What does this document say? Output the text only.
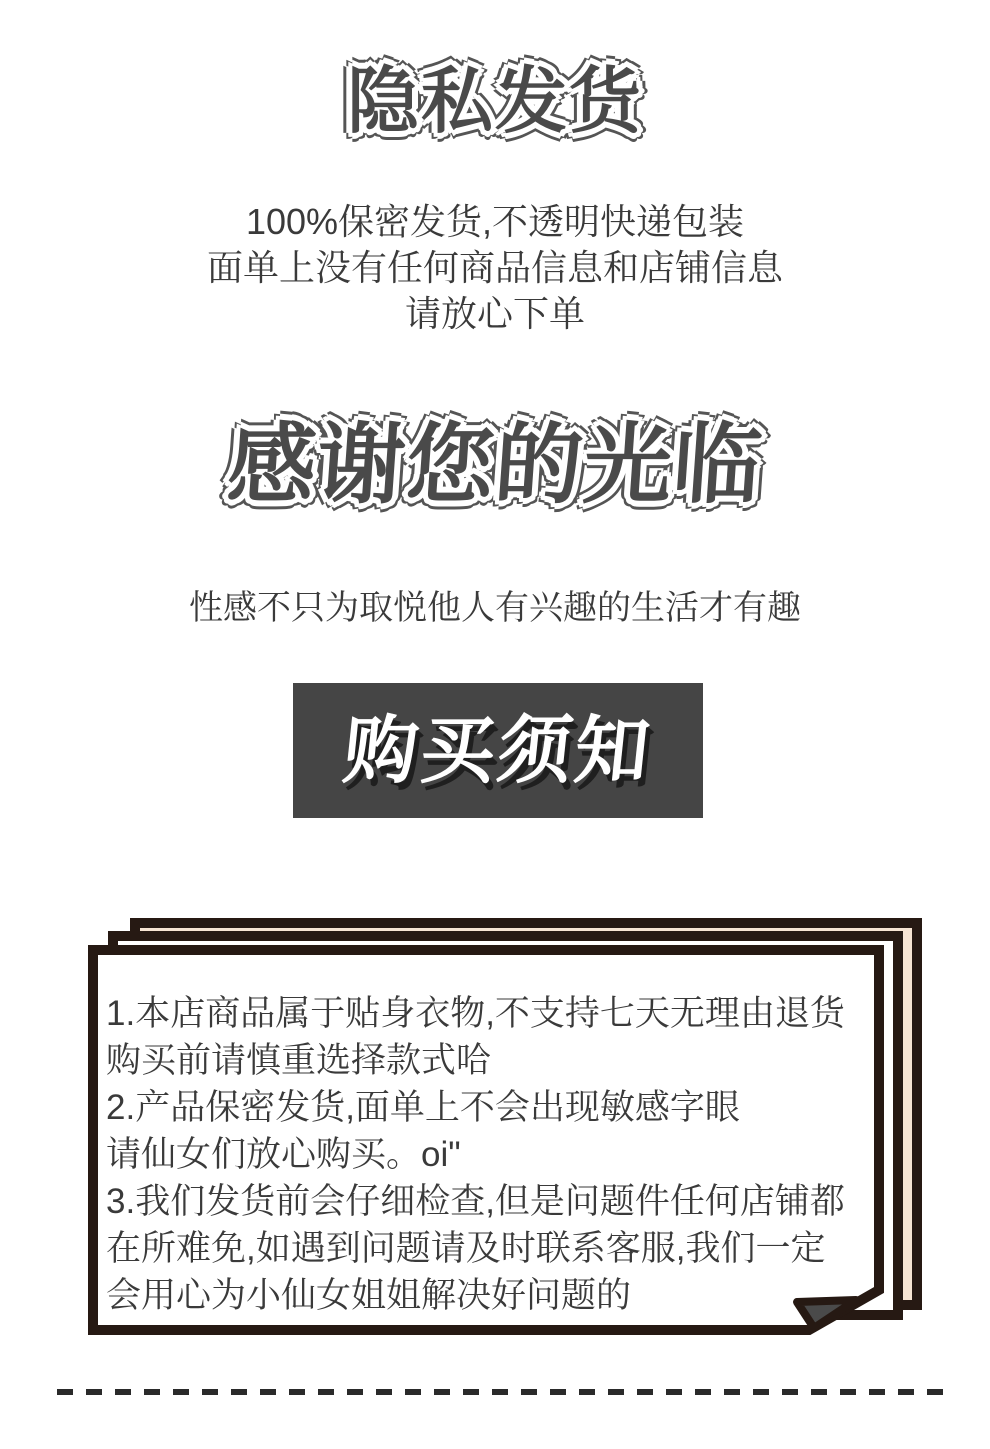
隐私发货
100%保密发货,不透明快递包装
面单上没有任何商品信息和店铺信息
请放心下单
感谢您的光临
性感不只为取悦他人有兴趣的生活才有趣
购买须知
1.本店商品属于贴身衣物,不支持七天无理由退货
购买前请慎重选择款式哈
2.产品保密发货,面单上不会出现敏感字眼
请仙女们放心购买。oi"
3.我们发货前会仔细检查,但是问题件任何店铺都
在所难免,如遇到问题请及时联系客服,我们一定
会用心为小仙女姐姐解决好问题的
